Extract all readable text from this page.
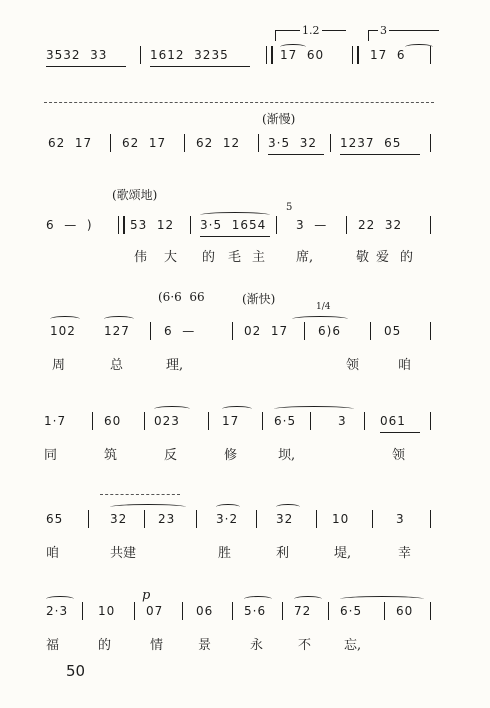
1.2	3
3532  33	1612  3235	17  60	17  6
(渐慢)
62  17 62  17 62  12 3·5  32 1237  65
(歌颂地)
5
6  —  )	53  12 3·5  1654 3  —	22  32
伟 大 的 毛 主 席,	敬 爱 的
(6·6  66	(渐快)
1/4
102 127	6  —	02  17 6)6	05
周	总	理,	领	咱
1·7	60	023	17	6·5	3	061
同	筑	反	修	坝,	领
65	32	23	3·2	32	10	3
咱	共建	胜	利	堤,	幸
p
2·3 10	07	06	5·6 72 6·5	60
福	的	情	景	永	不	忘,
50
